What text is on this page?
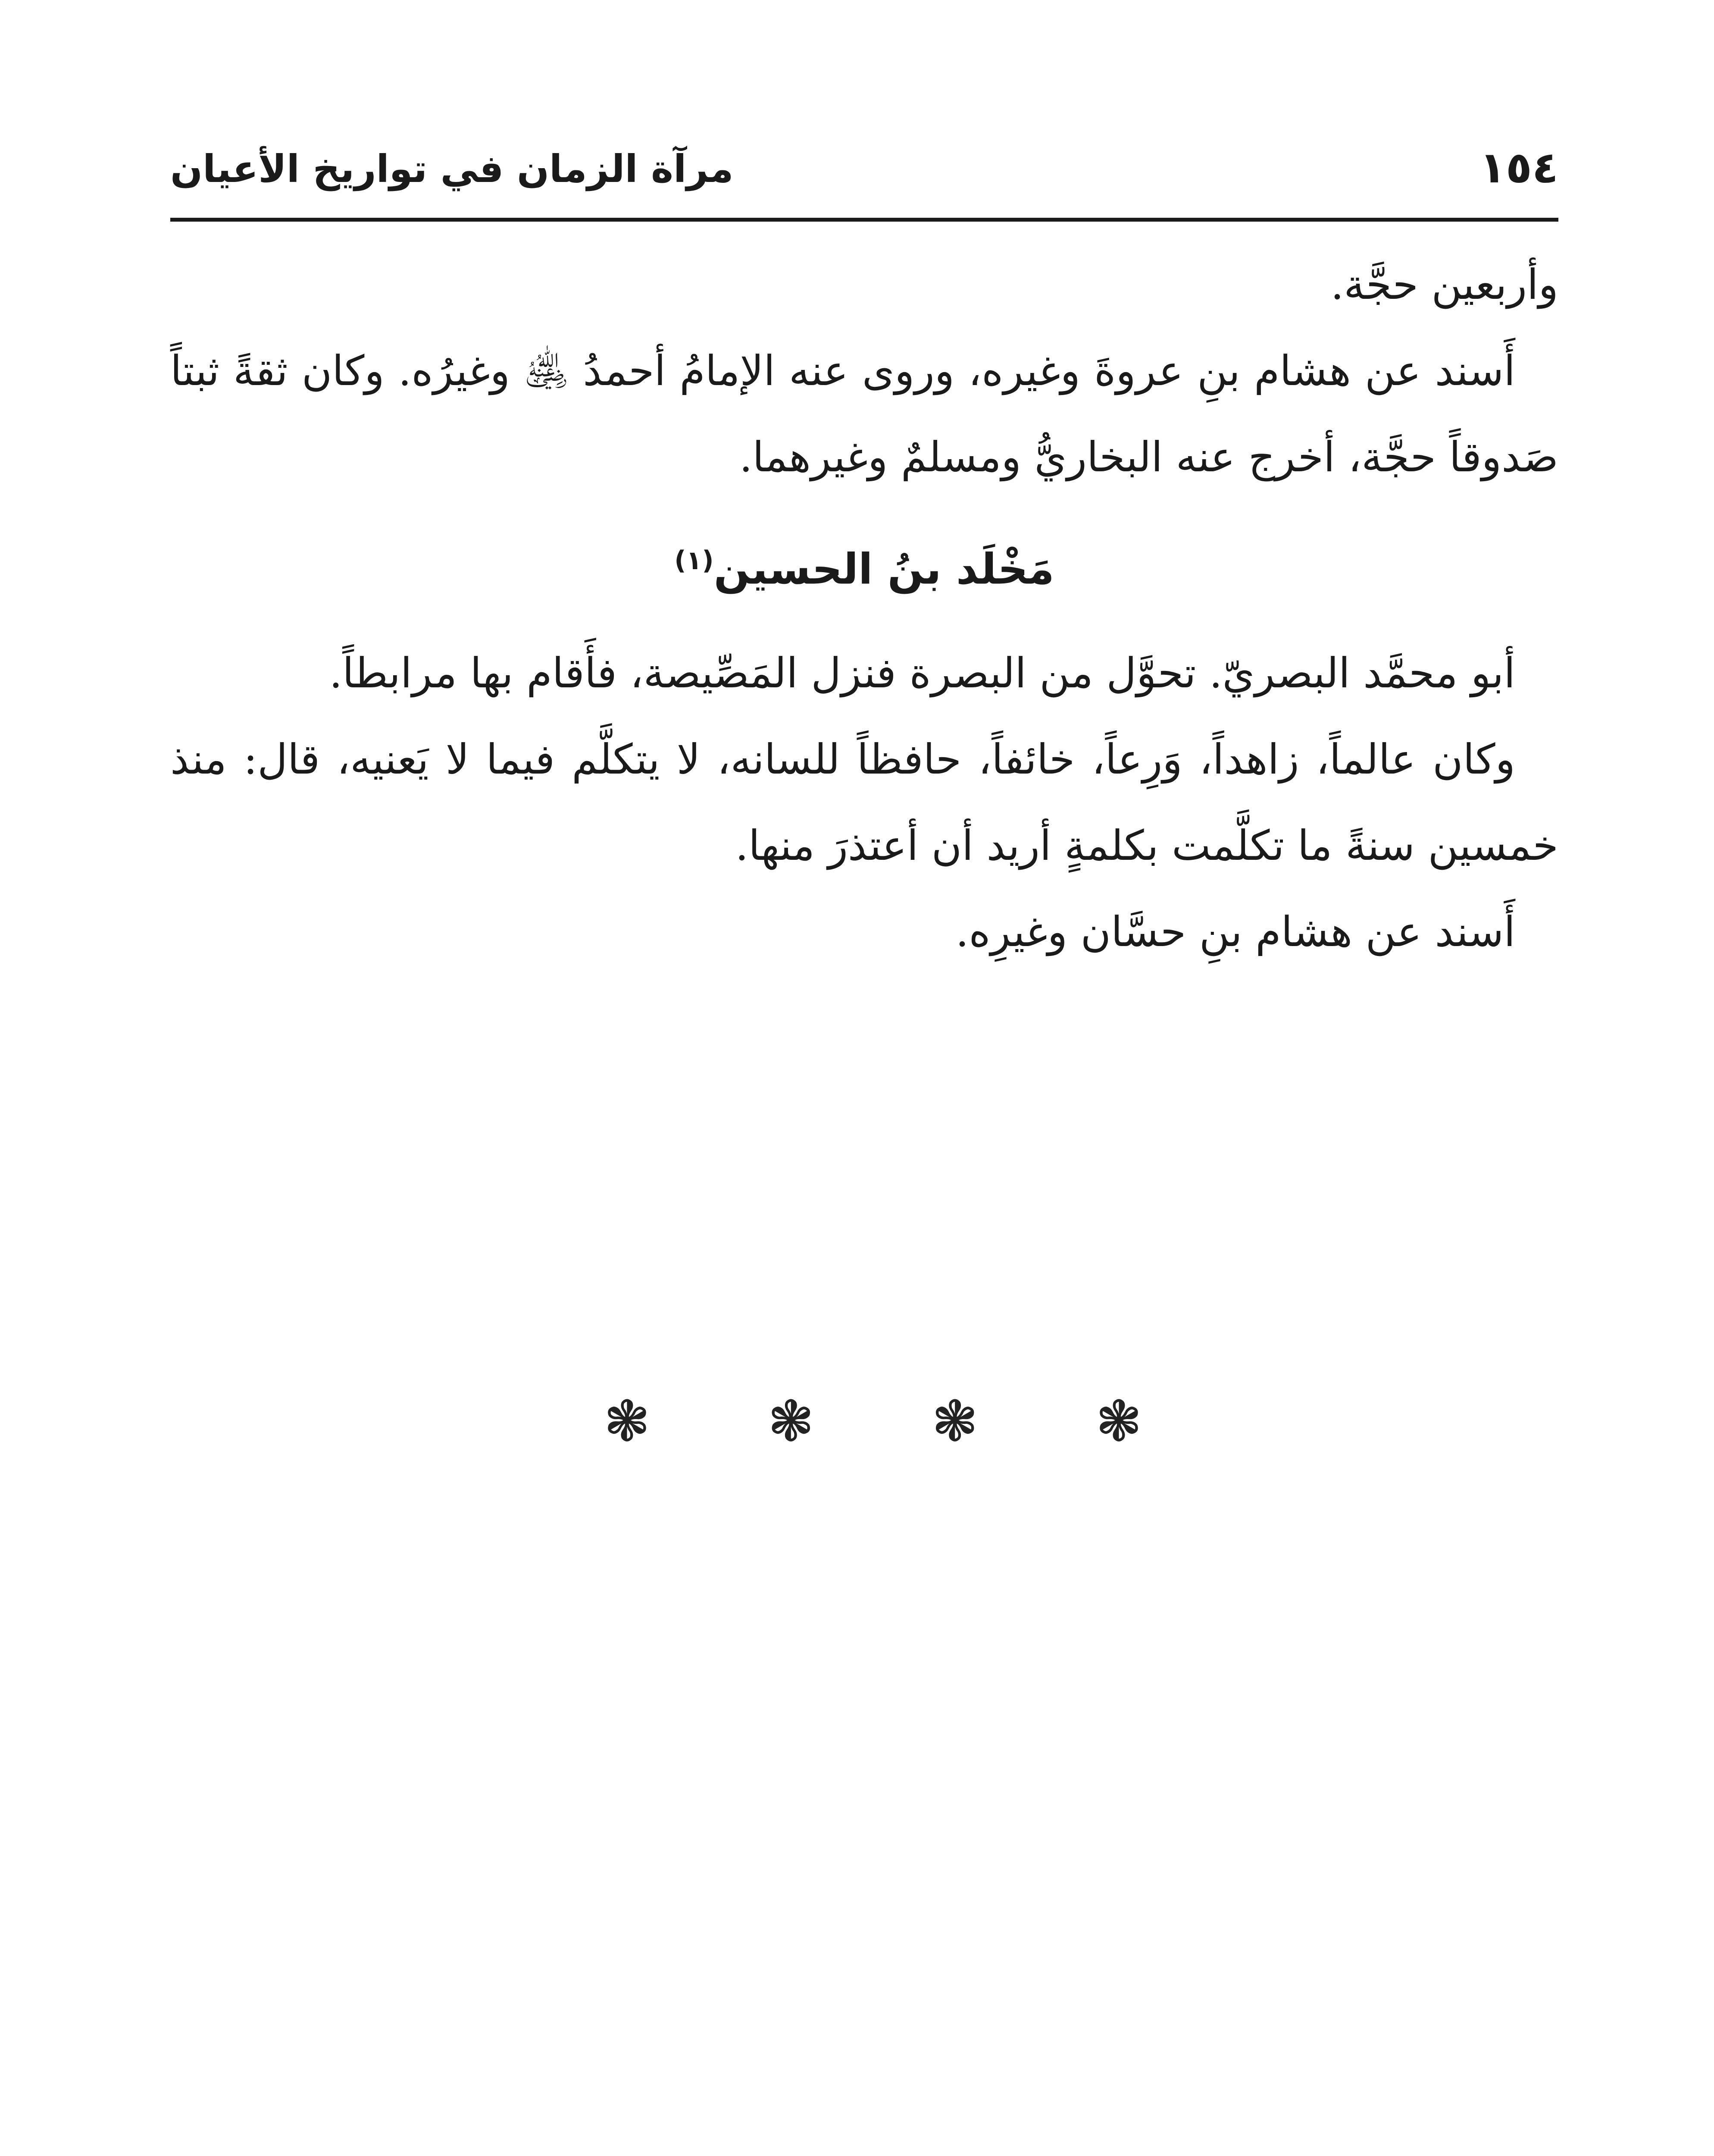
١٥٤
مرآة الزمان في تواريخ الأعيان

وأربعين حجَّة.

أَسند عن هشام بنِ عروةَ وغيره، وروى عنه الإمامُ أحمدُ ﵁ وغيرُه. وكان ثقةً ثبتاً صَدوقاً حجَّة، أخرج عنه البخاريُّ ومسلمٌ وغيرهما.

مَخْلَد بنُ الحسين$^{(١)}$

أبو محمَّد البصريّ. تحوَّل من البصرة فنزل المَصِّيصة، فأَقام بها مرابطاً.

وكان عالماً، زاهداً، وَرِعاً، خائفاً، حافظاً للسانه، لا يتكلَّم فيما لا يَعنيه، قال: منذ خمسين سنةً ما تكلَّمت بكلمةٍ أريد أن أعتذرَ منها.

أَسند عن هشام بنِ حسَّان وغيرِه.

❃ ❃ ❃ ❃
